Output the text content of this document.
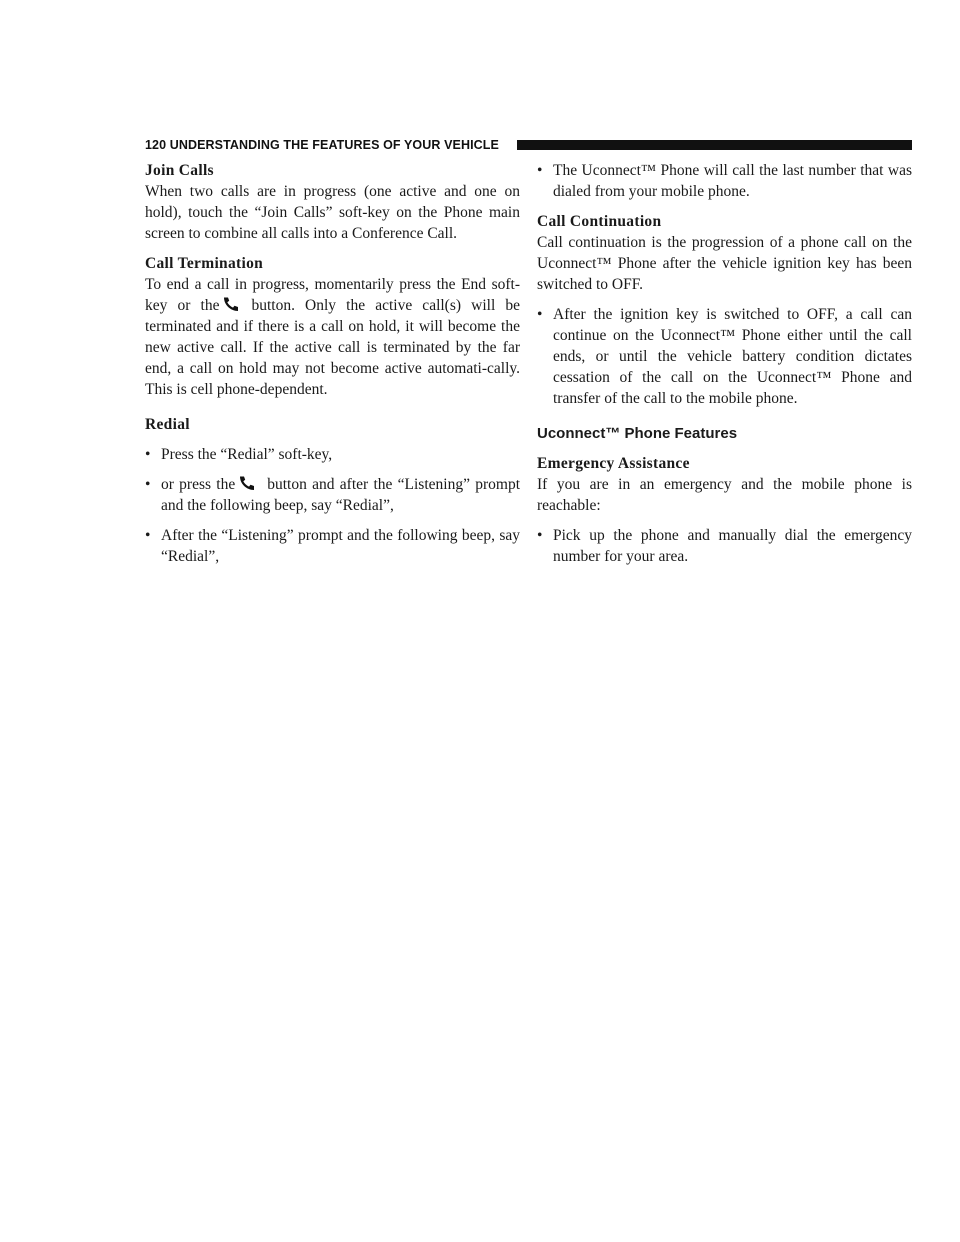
120 UNDERSTANDING THE FEATURES OF YOUR VEHICLE
Join Calls

When two calls are in progress (one active and one on hold), touch the “Join Calls” soft-key on the Phone main screen to combine all calls into a Conference Call.

Call Termination

To end a call in progress, momentarily press the End soft-key or the button. Only the active call(s) will be terminated and if there is a call on hold, it will become the new active call. If the active call is terminated by the far end, a call on hold may not become active automati-cally. This is cell phone-dependent.

Redial
• Press the “Redial” soft-key,
• or press the button and after the “Listening” prompt and the following beep, say “Redial”,
• After the “Listening” prompt and the following beep, say “Redial”,
• The Uconnect™ Phone will call the last number that was dialed from your mobile phone.
Call Continuation

Call continuation is the progression of a phone call on the Uconnect™ Phone after the vehicle ignition key has been switched to OFF.

• After the ignition key is switched to OFF, a call can continue on the Uconnect™ Phone either until the call ends, or until the vehicle battery condition dictates cessation of the call on the Uconnect™ Phone and transfer of the call to the mobile phone.
Uconnect™ Phone Features
Emergency Assistance

If you are in an emergency and the mobile phone is reachable:

• Pick up the phone and manually dial the emergency number for your area.
